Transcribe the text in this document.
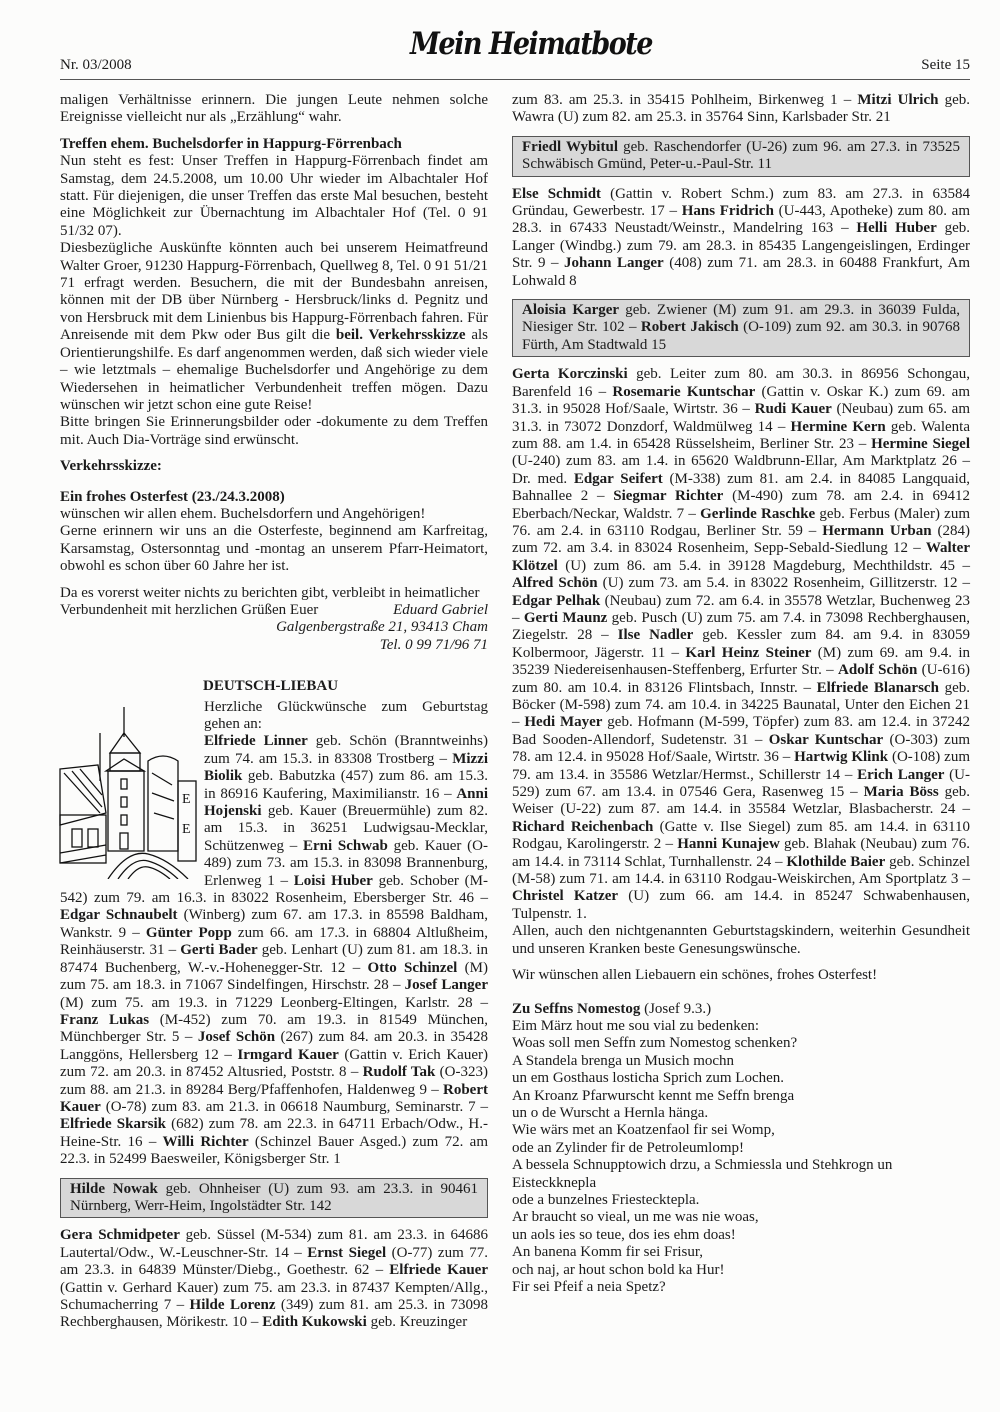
Nr. 03/2008
Mein Heimatbote
Seite 15

maligen Verhältnisse erinnern. Die jungen Leute nehmen solche Ereignisse vielleicht nur als „Erzählung“ wahr.

Treffen ehem. Buchelsdorfer in Happurg-Förrenbach

Nun steht es fest: Unser Treffen in Happurg-Förrenbach findet am Samstag, dem 24.5.2008, um 10.00 Uhr wieder im Albachtaler Hof statt. Für diejenigen, die unser Treffen das erste Mal besuchen, besteht eine Möglichkeit zur Übernachtung im Albachtaler Hof (Tel. 0 91 51/32 07).

Diesbezügliche Auskünfte könnten auch bei unserem Heimatfreund Walter Groer, 91230 Happurg-Förrenbach, Quellweg 8, Tel. 0 91 51/21 71 erfragt werden. Besuchern, die mit der Bundesbahn anreisen, können mit der DB über Nürnberg - Hersbruck/links d. Pegnitz und von Hersbruck mit dem Linienbus bis Happurg-Förrenbach fahren. Für Anreisende mit dem Pkw oder Bus gilt die beil. Verkehrsskizze als Orientierungshilfe. Es darf angenommen werden, daß sich wieder viele – wie letztmals – ehemalige Buchelsdorfer und Angehörige zu dem Wiedersehen in heimatlicher Verbundenheit treffen mögen. Dazu wünschen wir jetzt schon eine gute Reise!

Bitte bringen Sie Erinnerungsbilder oder -dokumente zu dem Treffen mit. Auch Dia-Vorträge sind erwünscht.

Verkehrsskizze:

Ein frohes Osterfest (23./24.3.2008)

wünschen wir allen ehem. Buchelsdorfern und Angehörigen!

Gerne erinnern wir uns an die Osterfeste, beginnend am Karfreitag, Karsamstag, Ostersonntag und -montag an unserem Pfarr-Heimatort, obwohl es schon über 60 Jahre her ist.

Da es vorerst weiter nichts zu berichten gibt, verbleibt in heimatlicher

Verbundenheit mit herzlichen Grüßen Euer	Eduard Gabriel

Galgenbergstraße 21, 93413 Cham

Tel. 0 99 71/96 71

DEUTSCH-LIEBAU

E
E

Herzliche Glückwünsche zum Geburtstag gehen an:

Elfriede Linner geb. Schön (Branntweinhs) zum 74. am 15.3. in 83308 Trostberg – Mizzi Biolik geb. Babutzka (457) zum 86. am 15.3. in 86916 Kaufering, Maximilianstr. 16 – Anni Hojenski geb. Kauer (Breuermühle) zum 82. am 15.3. in 36251 Ludwigsau-Mecklar, Schützenweg – Erni Schwab geb. Kauer (O-489) zum 73. am 15.3. in 83098 Brannenburg, Erlenweg 1 – Loisi Huber geb. Schober (M-542) zum 79. am 16.3. in 83022 Rosenheim, Ebersberger Str. 46 – Edgar Schnaubelt (Winberg) zum 67. am 17.3. in 85598 Baldham, Wankstr. 9 – Günter Popp zum 66. am 17.3. in 68804 Altlußheim, Reinhäuserstr. 31 – Gerti Bader geb. Lenhart (U) zum 81. am 18.3. in 87474 Buchenberg, W.-v.-Hohenegger-Str. 12 – Otto Schinzel (M) zum 75. am 18.3. in 71067 Sindelfingen, Hirschstr. 28 – Josef Langer (M) zum 75. am 19.3. in 71229 Leonberg-Eltingen, Karlstr. 28 – Franz Lukas (M-452) zum 70. am 19.3. in 81549 München, Münchberger Str. 5 – Josef Schön (267) zum 84. am 20.3. in 35428 Langgöns, Hellersberg 12 – Irmgard Kauer (Gattin v. Erich Kauer) zum 72. am 20.3. in 87452 Altusried, Poststr. 8 – Rudolf Tak (O-323) zum 88. am 21.3. in 89284 Berg/Pfaffenhofen, Haldenweg 9 – Robert Kauer (O-78) zum 83. am 21.3. in 06618 Naumburg, Seminarstr. 7 – Elfriede Skarsik (682) zum 78. am 22.3. in 64711 Erbach/Odw., H.-Heine-Str. 16 – Willi Richter (Schinzel Bauer Asged.) zum 72. am 22.3. in 52499 Baesweiler, Königsberger Str. 1

Hilde Nowak geb. Ohnheiser (U) zum 93. am 23.3. in 90461 Nürnberg, Werr-Heim, Ingolstädter Str. 142

Gera Schmidpeter geb. Süssel (M-534) zum 81. am 23.3. in 64686 Lautertal/Odw., W.-Leuschner-Str. 14 – Ernst Siegel (O-77) zum 77. am 23.3. in 64839 Münster/Diebg., Goethestr. 62 – Elfriede Kauer (Gattin v. Gerhard Kauer) zum 75. am 23.3. in 87437 Kempten/Allg., Schumacherring 7 – Hilde Lorenz (349) zum 81. am 25.3. in 73098 Rechberghausen, Mörikestr. 10 – Edith Kukowski geb. Kreuzinger

zum 83. am 25.3. in 35415 Pohlheim, Birkenweg 1 – Mitzi Ulrich geb. Wawra (U) zum 82. am 25.3. in 35764 Sinn, Karlsbader Str. 21

Friedl Wybitul geb. Raschendorfer (U-26) zum 96. am 27.3. in 73525 Schwäbisch Gmünd, Peter-u.-Paul-Str. 11

Else Schmidt (Gattin v. Robert Schm.) zum 83. am 27.3. in 63584 Gründau, Gewerbestr. 17 – Hans Fridrich (U-443, Apotheke) zum 80. am 28.3. in 67433 Neustadt/Weinstr., Mandelring 163 – Helli Huber geb. Langer (Windbg.) zum 79. am 28.3. in 85435 Langengeislingen, Erdinger Str. 9 – Johann Langer (408) zum 71. am 28.3. in 60488 Frankfurt, Am Lohwald 8

Aloisia Karger geb. Zwiener (M) zum 91. am 29.3. in 36039 Fulda, Niesiger Str. 102 – Robert Jakisch (O-109) zum 92. am 30.3. in 90768 Fürth, Am Stadtwald 15

Gerta Korczinski geb. Leiter zum 80. am 30.3. in 86956 Schongau, Barenfeld 16 – Rosemarie Kuntschar (Gattin v. Oskar K.) zum 69. am 31.3. in 95028 Hof/Saale, Wirtstr. 36 – Rudi Kauer (Neubau) zum 65. am 31.3. in 73072 Donzdorf, Waldmülweg 14 – Hermine Kern geb. Walenta zum 88. am 1.4. in 65428 Rüsselsheim, Berliner Str. 23 – Hermine Siegel (U-240) zum 83. am 1.4. in 65620 Waldbrunn-Ellar, Am Marktplatz 26 – Dr. med. Edgar Seifert (M-338) zum 81. am 2.4. in 84085 Langquaid, Bahnallee 2 – Siegmar Richter (M-490) zum 78. am 2.4. in 69412 Eberbach/Neckar, Waldstr. 7 – Gerlinde Raschke geb. Ferbus (Maler) zum 76. am 2.4. in 63110 Rodgau, Berliner Str. 59 – Hermann Urban (284) zum 72. am 3.4. in 83024 Rosenheim, Sepp-Sebald-Siedlung 12 – Walter Klötzel (U) zum 86. am 5.4. in 39128 Magdeburg, Mechthildstr. 45 – Alfred Schön (U) zum 73. am 5.4. in 83022 Rosenheim, Gillitzerstr. 12 – Edgar Pelhak (Neubau) zum 72. am 6.4. in 35578 Wetzlar, Buchenweg 23 – Gerti Maunz geb. Pusch (U) zum 75. am 7.4. in 73098 Rechberghausen, Ziegelstr. 28 – Ilse Nadler geb. Kessler zum 84. am 9.4. in 83059 Kolbermoor, Jägerstr. 11 – Karl Heinz Steiner (M) zum 69. am 9.4. in 35239 Niedereisenhausen-Steffenberg, Erfurter Str. – Adolf Schön (U-616) zum 80. am 10.4. in 83126 Flintsbach, Innstr. – Elfriede Blanarsch geb. Böcker (M-598) zum 74. am 10.4. in 34225 Baunatal, Unter den Eichen 21 – Hedi Mayer geb. Hofmann (M-599, Töpfer) zum 83. am 12.4. in 37242 Bad Sooden-Allendorf, Sudetenstr. 31 – Oskar Kuntschar (O-303) zum 78. am 12.4. in 95028 Hof/Saale, Wirtstr. 36 – Hartwig Klink (O-108) zum 79. am 13.4. in 35586 Wetzlar/Hermst., Schillerstr 14 – Erich Langer (U-529) zum 67. am 13.4. in 07546 Gera, Rasenweg 15 – Maria Böss geb. Weiser (U-22) zum 87. am 14.4. in 35584 Wetzlar, Blasbacherstr. 24 – Richard Reichenbach (Gatte v. Ilse Siegel) zum 85. am 14.4. in 63110 Rodgau, Karolingerstr. 2 – Hanni Kunajew geb. Blahak (Neubau) zum 76. am 14.4. in 73114 Schlat, Turnhallenstr. 24 – Klothilde Baier geb. Schinzel (M-58) zum 71. am 14.4. in 63110 Rodgau-Weiskirchen, Am Sportplatz 3 – Christel Katzer (U) zum 66. am 14.4. in 85247 Schwabenhausen, Tulpenstr. 1.

Allen, auch den nichtgenannten Geburtstagskindern, weiterhin Gesundheit und unseren Kranken beste Genesungswünsche.

Wir wünschen allen Liebauern ein schönes, frohes Osterfest!

Zu Seffns Nomestog (Josef 9.3.)

Eim März hout me sou vial zu bedenken:
Woas soll men Seffn zum Nomestog schenken?
A Standela brenga un Musich mochn
un em Gosthaus losticha Sprich zum Lochen.
An Kroanz Pfarwurscht kennt me Seffn brenga
un o de Wurscht a Hernla hänga.
Wie wärs met an Koatzenfaol fir sei Womp,
ode an Zylinder fir de Petroleumlomp!
A bessela Schnupptowich drzu, a Schmiessla und Stehkrogn un Eisteckknepla
ode a bunzelnes Friestecktepla.
Ar braucht so vieal, un me was nie woas,
un aols ies so teue, dos ies ehm doas!
An banena Komm fir sei Frisur,
och naj, ar hout schon bold ka Hur!
Fir sei Pfeif a neia Spetz?
